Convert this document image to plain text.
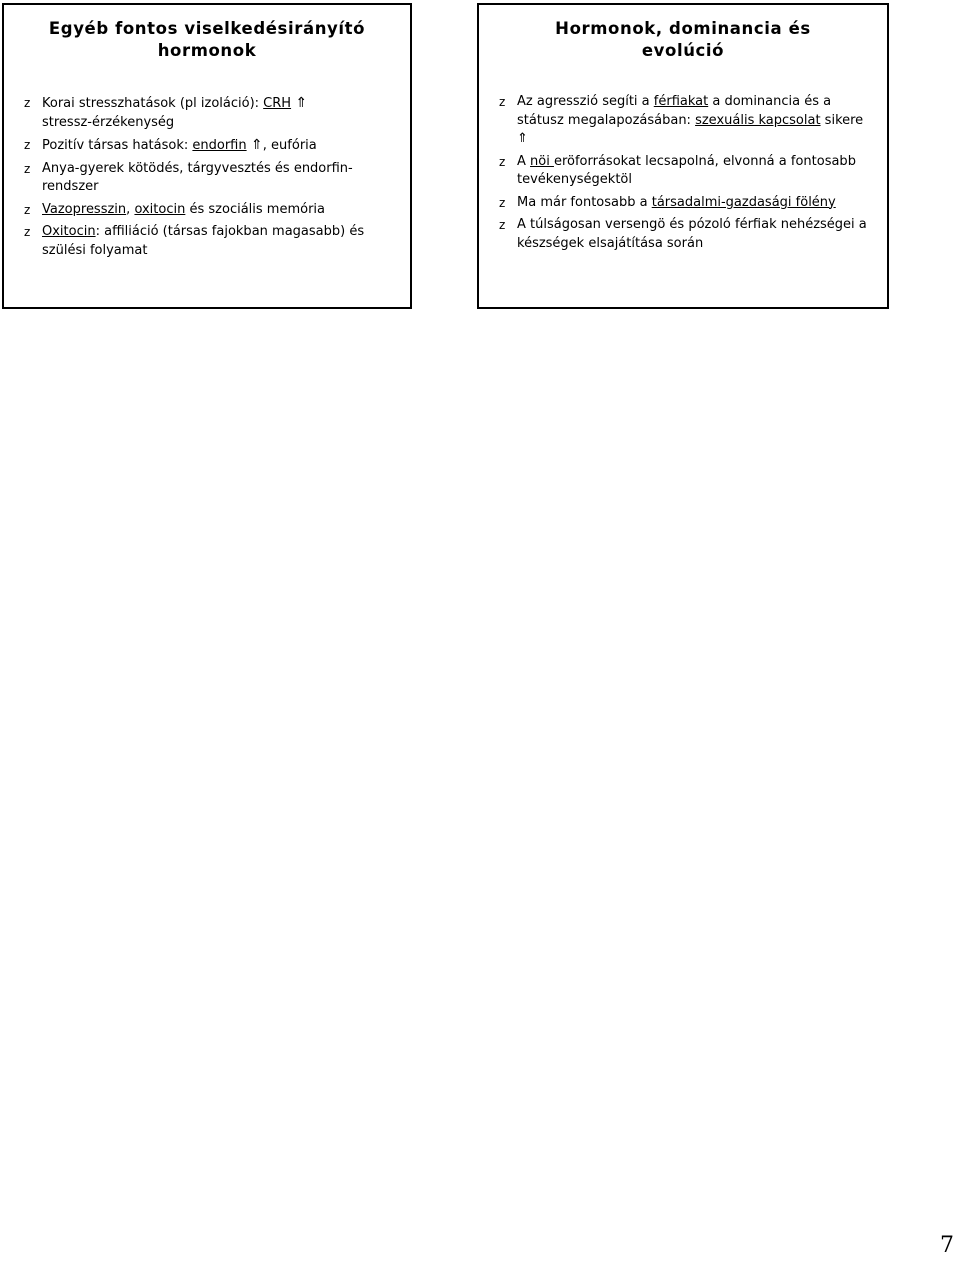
Egyéb fontos viselkedésirányító
hormonok
z Korai stresszhatások (pl izoláció): CRH ⇑
stressz-érzékenység
z Pozitív társas hatások: endorfin ⇑, eufória
z Anya-gyerek kötödés, tárgyvesztés és endorfin-rendszer
z Vazopresszin, oxitocin és szociális memória
z Oxitocin: affiliáció (társas fajokban magasabb) és szülési folyamat
Hormonok, dominancia és
evolúció
z Az agresszió segíti a férfiakat a dominancia és a státusz megalapozásában: szexuális kapcsolat sikere ⇑
z A nöi eröforrásokat lecsapolná, elvonná a fontosabb tevékenységektöl
z Ma már fontosabb a társadalmi-gazdasági fölény
z A túlságosan versengö és pózoló férfiak nehézségei a készségek elsajátítása során
7
